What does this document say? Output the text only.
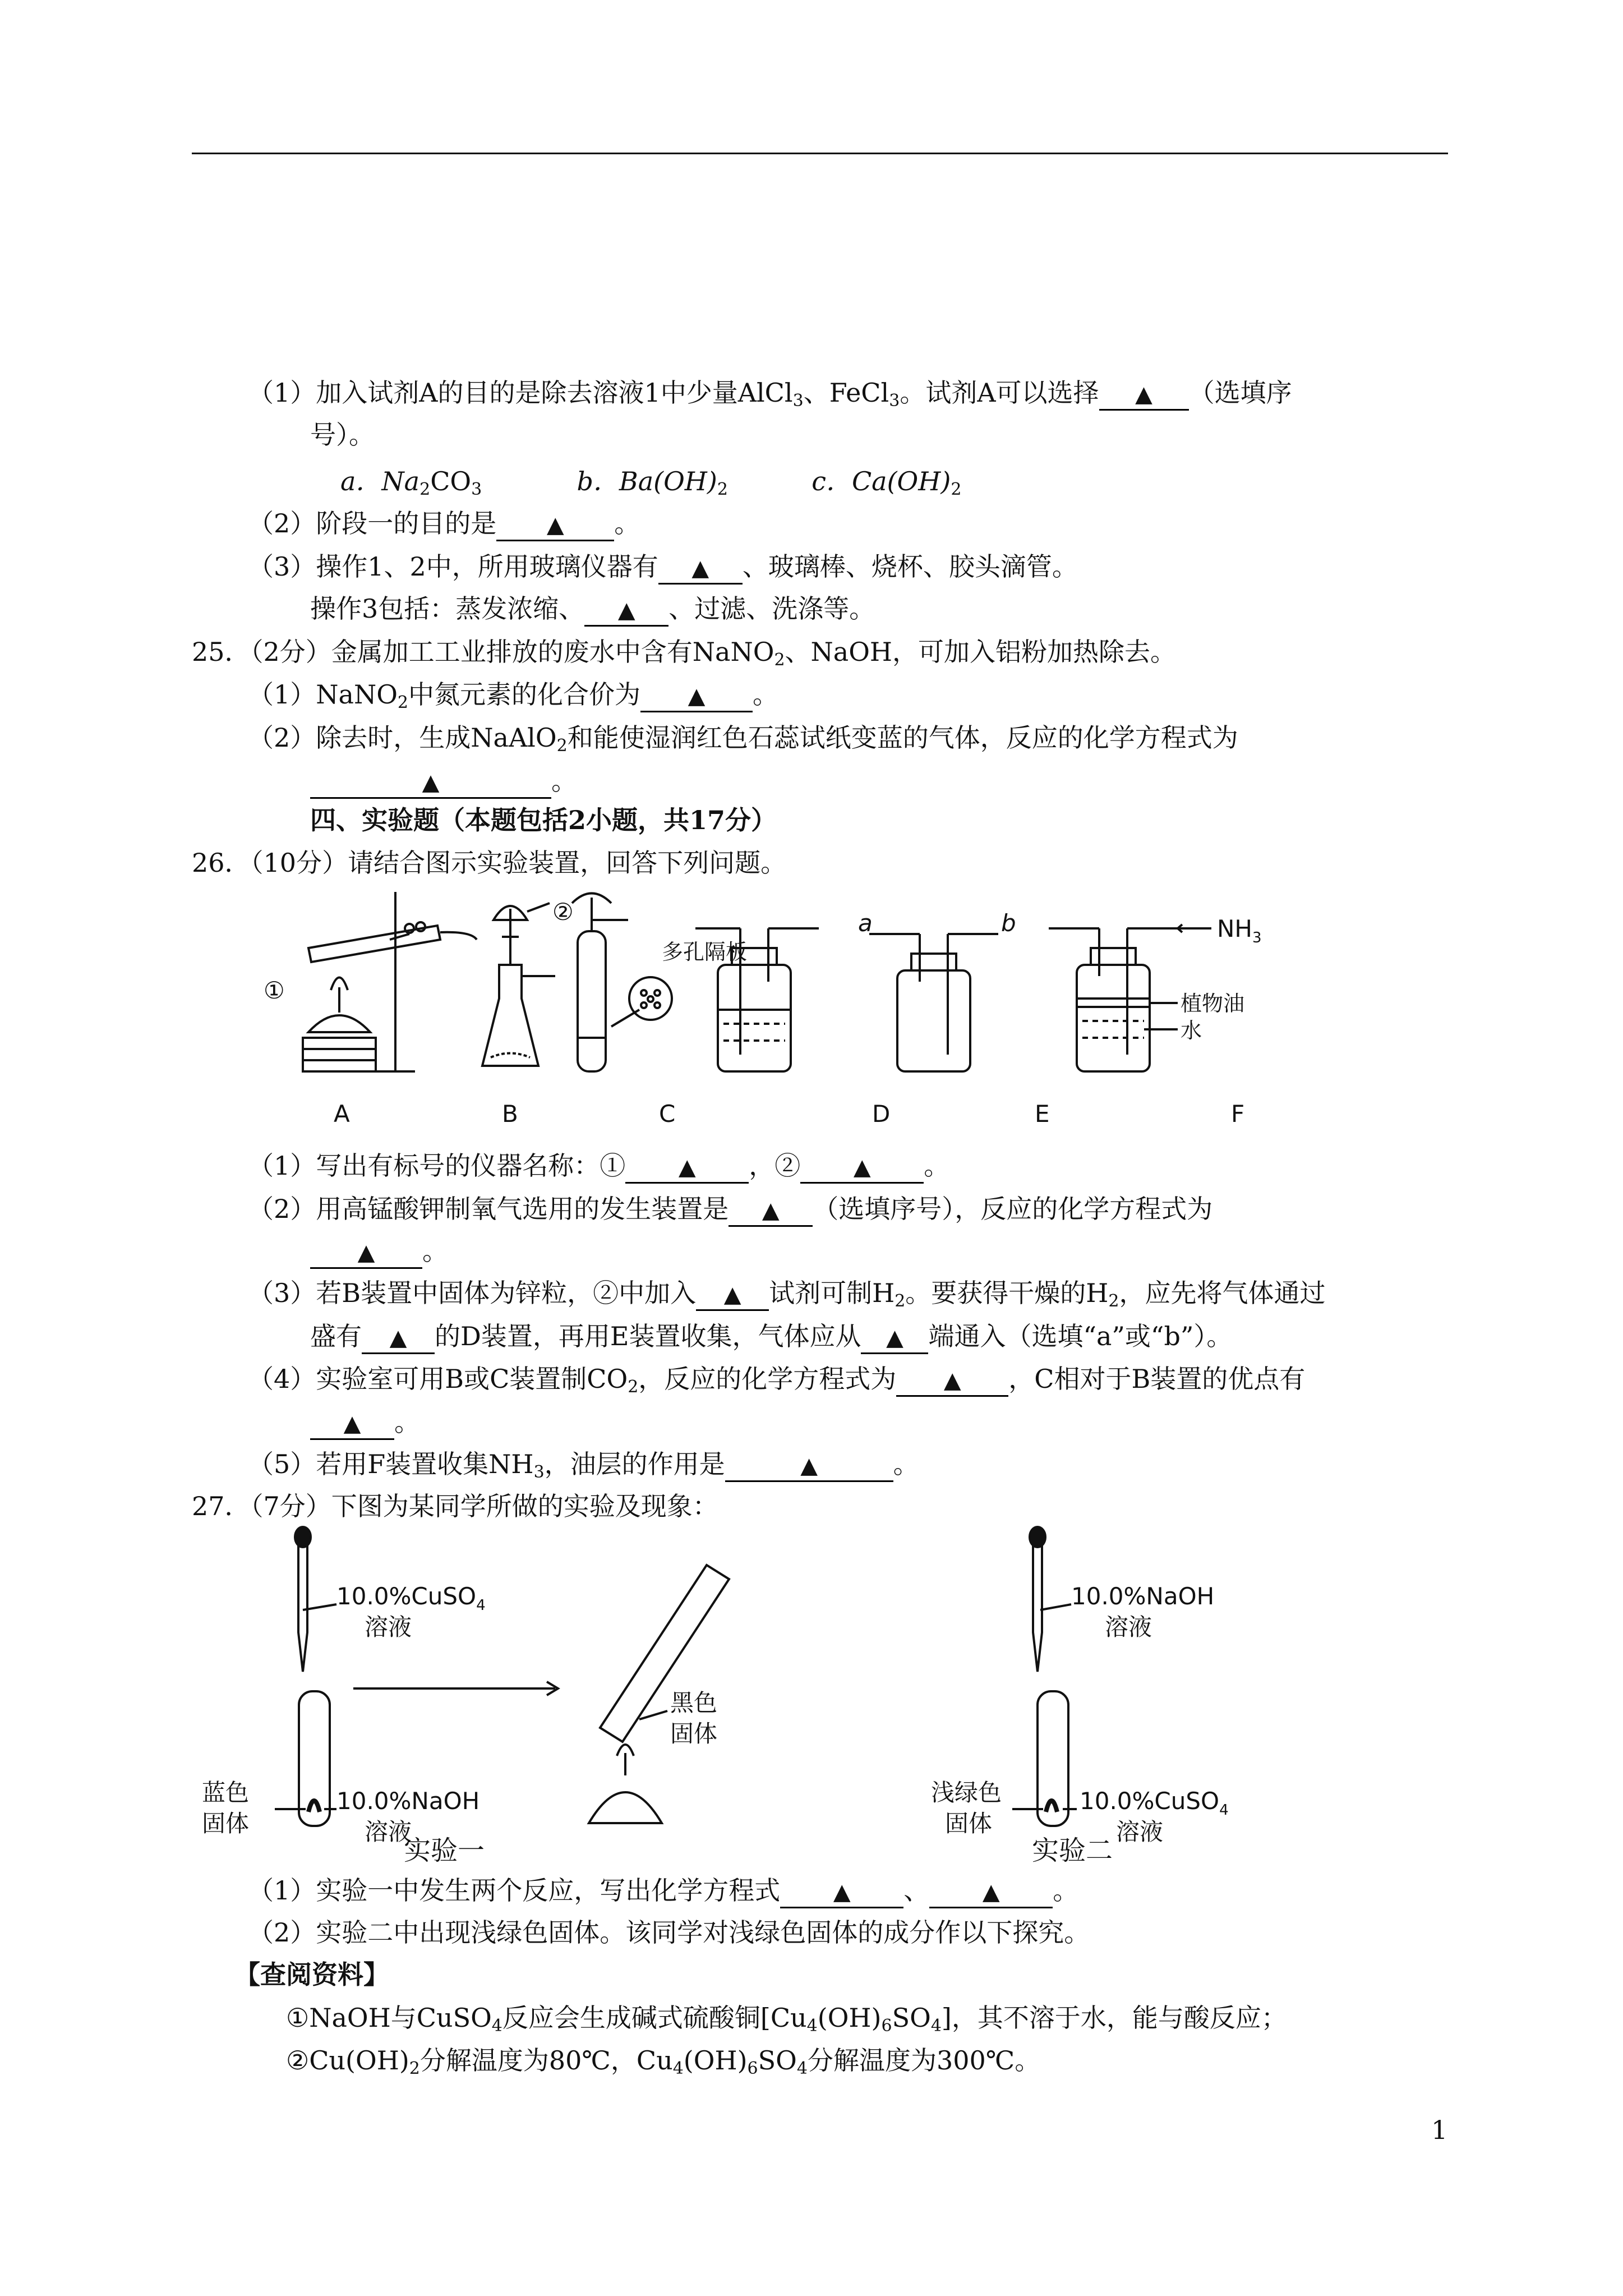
（1）加入试剂A的目的是除去溶液1中少量AlCl$_3$、FeCl$_3$。试剂A可以选择 ▲	（选填序
号）。
a．$Na_2CO_3$	b．$Ba(OH)_2$	c．$Ca(OH)_2$
（2）阶段一的目的是 ▲	。
（3）操作1、2中，所用玻璃仪器有 ▲	、玻璃棒、烧杯、胶头滴管。
操作3包括：蒸发浓缩、 ▲	、过滤、洗涤等。
25．（2分）金属加工工业排放的废水中含有NaNO$_2$、NaOH，可加入铝粉加热除去。
（1）NaNO$_2$中氮元素的化合价为 ▲	。
（2）除去时，生成NaAlO$_2$和能使湿润红色石蕊试纸变蓝的气体，反应的化学方程式为
▲。
四、实验题（本题包括2小题，共17分）
26．（10分）请结合图示实验装置，回答下列问题。
①
②
多孔隔板
a	b	$NH_3$
植物油
水
A	B	C	D	E	F
（1）写出有标号的仪器名称：① ▲	，② ▲	。
（2）用高锰酸钾制氧气选用的发生装置是 ▲	（选填序号），反应的化学方程式为
▲。
（3）若B装置中固体为锌粒，②中加入 ▲	试剂可制$H_2$。要获得干燥的$H_2$，应先将气体通过
盛有 ▲	的D装置，再用E装置收集，气体应从 ▲	端通入（选填“a”或“b”）。
（4）实验室可用B或C装置制$CO_2$，反应的化学方程式为 ▲	，C相对于B装置的优点有
▲。
（5）若用F装置收集$NH_3$，油层的作用是 ▲	。
27．（7分）下图为某同学所做的实验及现象：
10.0%CuSO$_4$
溶液
10.0%NaOH
溶液
蓝色
固体
黑色
固体
实验一
10.0%NaOH
溶液
10.0%CuSO$_4$
溶液
浅绿色
固体
实验二
（1）实验一中发生两个反应，写出化学方程式 ▲	、 ▲	。
（2）实验二中出现浅绿色固体。该同学对浅绿色固体的成分作以下探究。
【查阅资料】
①NaOH与CuSO$_4$反应会生成碱式硫酸铜$[Cu_4(OH)_6SO_4]$，其不溶于水，能与酸反应；
$②Cu(OH)_2$分解温度为80℃，$Cu_4(OH)_6SO_4$分解温度为300℃。
1
